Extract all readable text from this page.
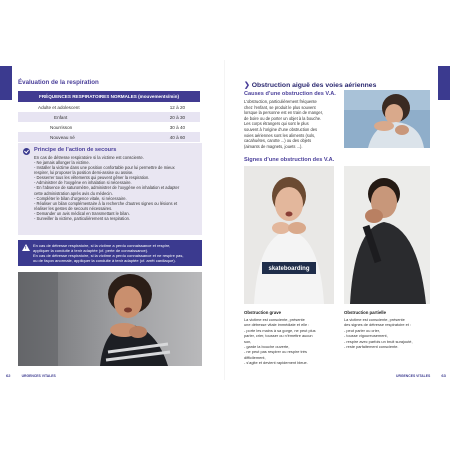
Évaluation de la respiration
FRÉQUENCES RESPIRATOIRES NORMALES (mouvements/min)	
Adulte et adolescent	12 à 20
Enfant	20 à 30
Nourrisson	30 à 40
Nouveau né	40 à 60
Principe de l’action de secours
En cas de détresse respiratoire si la victime est consciente.
- Ne jamais allonger la victime.
- Installer la victime dans une position confortable pour lui permettre de mieux
respirer, lui proposer la position demi-assise ou assise.
- Desserrer tous les vêtements qui peuvent gêner la respiration.
- Administrer de l’oxygène en inhalation si nécessaire.
- En l’absence de saturomètre, administrer de l’oxygène en inhalation et adapter
cette administration après avis du médecin.
- Compléter le bilan d’urgence vitale, si nécessaire.
- Réaliser un bilan complémentaire à la recherche d’autres signes ou lésions et
réaliser les gestes de secours nécessaires.
- Demander un avis médical en transmettant le bilan.
- Surveiller la victime, particulièrement sa respiration.
!
En cas de détresse respiratoire, si la victime a perdu connaissance et respire,
appliquer la conduite à tenir adaptée (cf. perte de connaissance).
En cas de détresse respiratoire, si la victime a perdu connaissance et ne respire pas,
ou de façon anormale, appliquer la conduite à tenir adaptée (cf. arrêt cardiaque).
62	URGENCES VITALES
❯ Obstruction aiguë des voies aériennes
Causes d’une obstruction des V.A.
L’obstruction, particulièrement fréquente
chez l’enfant, se produit le plus souvent
lorsque la personne est en train de manger,
de boire ou de porter un objet à la bouche.
Les corps étrangers qui sont le plus
souvent à l’origine d’une obstruction des
voies aériennes sont les aliments (sols,
cacahuètes, carotte ...) ou des objets
(aimants de magnets, jouets ...).
Signes d’une obstruction des V.A.
skateboarding
Obstruction grave

La victime est consciente, présente

une détresse vitale immédiate et elle :

- porte les mains à sa gorge, ne peut plus

parler, crier, tousser ou n’émettre aucun

son,

- garde la bouche ouverte,

- ne peut pas respirer ou respire très

difficilement,

- s’agite et devient rapidement bleue.

Obstruction partielle

La victime est consciente, présente

des signes de détresse respiratoire et :

- peut parler ou crier,

- tousse vigoureusement,

- respire avec parfois un bruit surajouté,

- reste parfaitement consciente.

URGENCES VITALES	63
